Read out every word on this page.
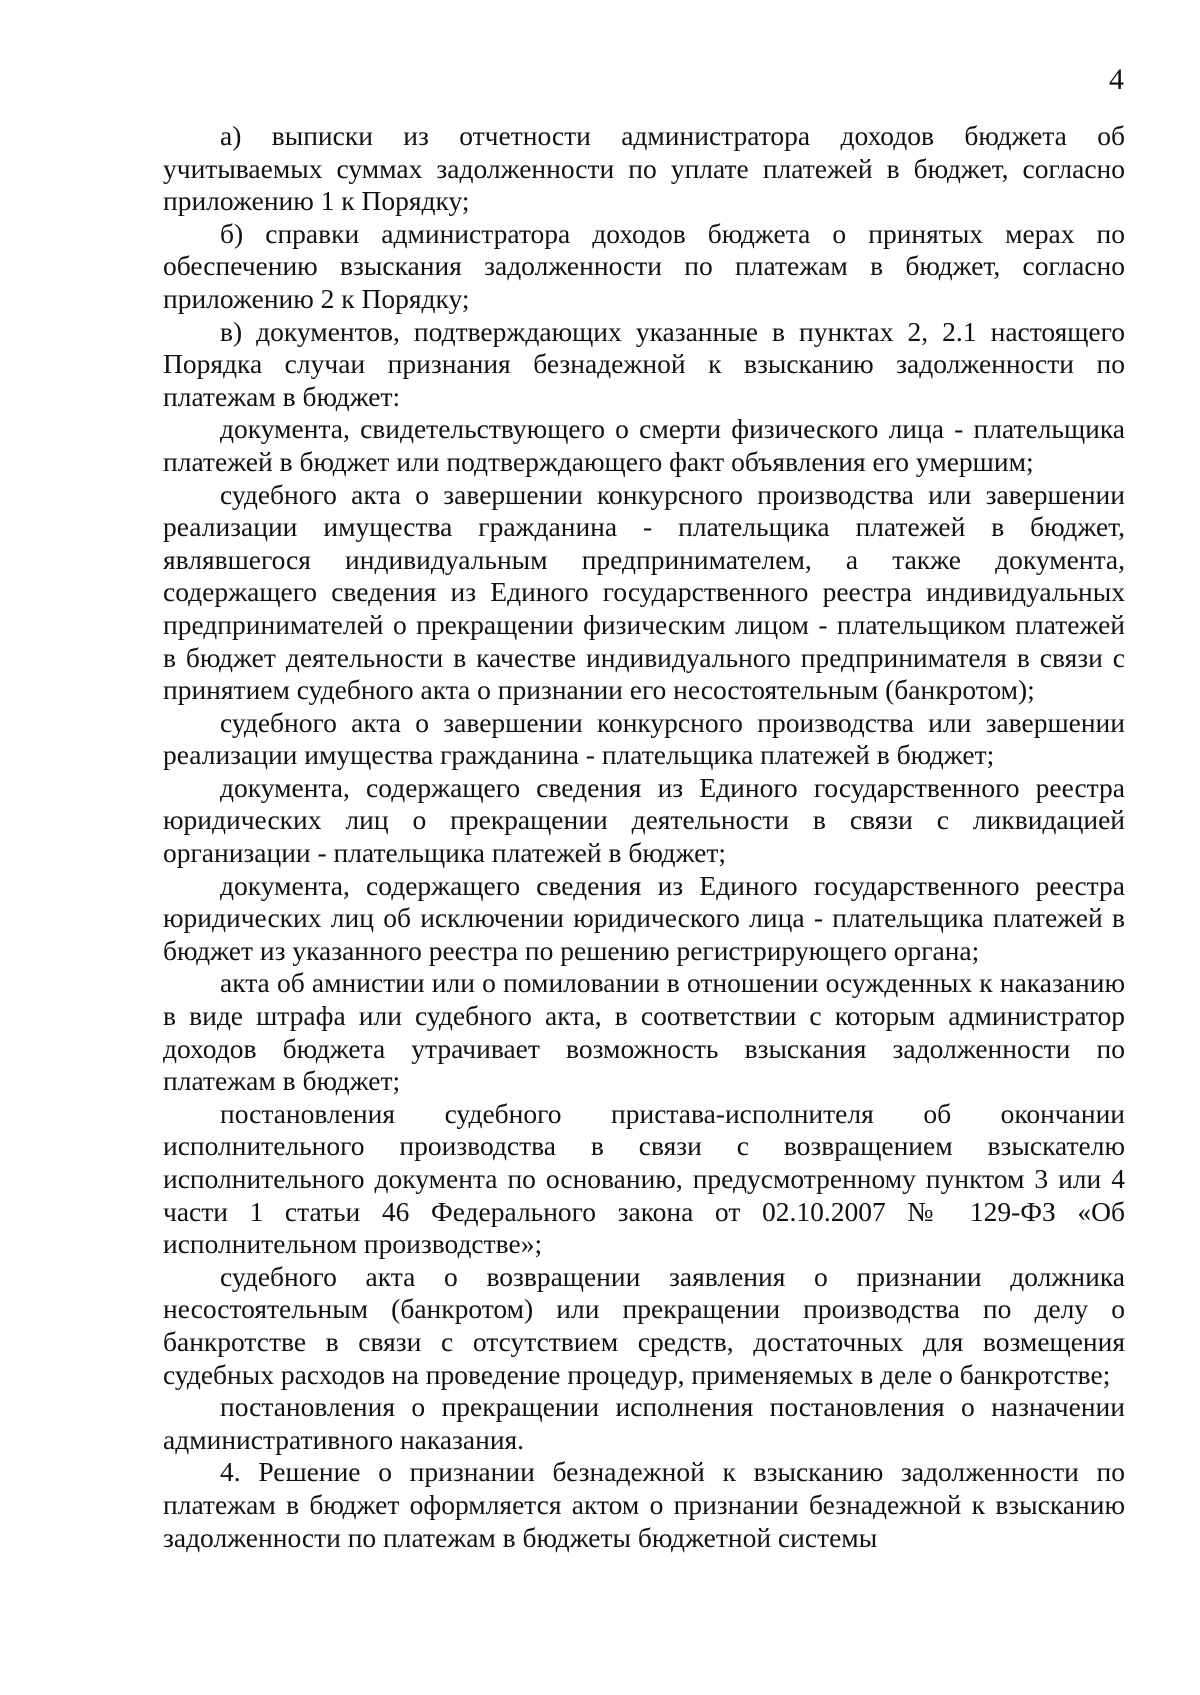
4

а) выписки из отчетности администратора доходов бюджета об учитываемых суммах задолженности по уплате платежей в бюджет, согласно приложению 1 к Порядку;

б) справки администратора доходов бюджета о принятых мерах по обеспечению взыскания задолженности по платежам в бюджет, согласно приложению 2 к Порядку;

в) документов, подтверждающих указанные в пунктах 2, 2.1 настоящего Порядка случаи признания безнадежной к взысканию задолженности по платежам в бюджет:

документа, свидетельствующего о смерти физического лица - плательщика платежей в бюджет или подтверждающего факт объявления его умершим;

судебного акта о завершении конкурсного производства или завершении реализации имущества гражданина - плательщика платежей в бюджет, являвшегося индивидуальным предпринимателем, а также документа, содержащего сведения из Единого государственного реестра индивидуальных предпринимателей о прекращении физическим лицом - плательщиком платежей в бюджет деятельности в качестве индивидуального предпринимателя в связи с принятием судебного акта о признании его несостоятельным (банкротом);

судебного акта о завершении конкурсного производства или завершении реализации имущества гражданина - плательщика платежей в бюджет;

документа, содержащего сведения из Единого государственного реестра юридических лиц о прекращении деятельности в связи с ликвидацией организации - плательщика платежей в бюджет;

документа, содержащего сведения из Единого государственного реестра юридических лиц об исключении юридического лица - плательщика платежей в бюджет из указанного реестра по решению регистрирующего органа;

акта об амнистии или о помиловании в отношении осужденных к наказанию в виде штрафа или судебного акта, в соответствии с которым администратор доходов бюджета утрачивает возможность взыскания задолженности по платежам в бюджет;

постановления судебного пристава-исполнителя об окончании исполнительного производства в связи с возвращением взыскателю исполнительного документа по основанию, предусмотренному пунктом 3 или 4 части 1 статьи 46 Федерального закона от 02.10.2007 № 129-ФЗ «Об исполнительном производстве»;

судебного акта о возвращении заявления о признании должника несостоятельным (банкротом) или прекращении производства по делу о банкротстве в связи с отсутствием средств, достаточных для возмещения судебных расходов на проведение процедур, применяемых в деле о банкротстве;

постановления о прекращении исполнения постановления о назначении административного наказания.

4. Решение о признании безнадежной к взысканию задолженности по платежам в бюджет оформляется актом о признании безнадежной к взысканию задолженности по платежам в бюджеты бюджетной системы
